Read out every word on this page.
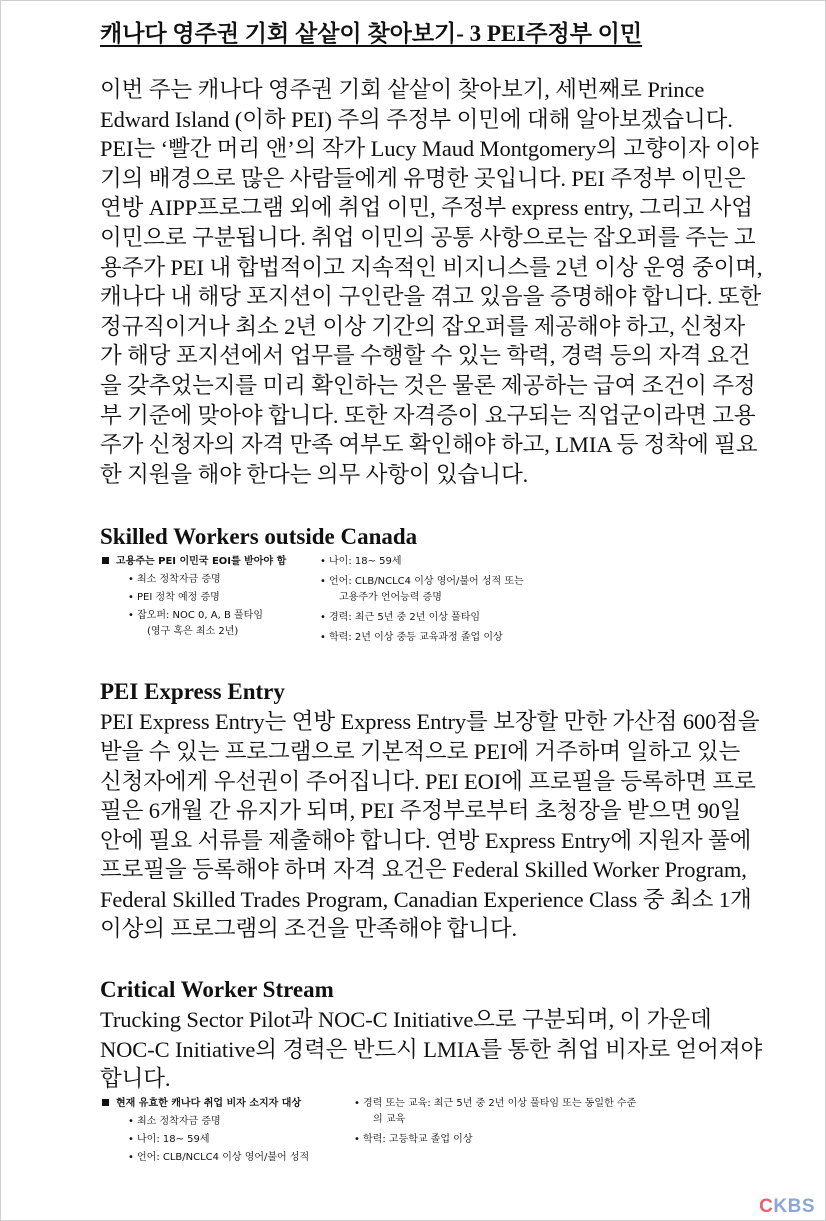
캐나다 영주권 기회 샅샅이 찾아보기- 3 PEI주정부 이민

이번 주는 캐나다 영주권 기회 샅샅이 찾아보기, 세번째로 Prince Edward Island (이하 PEI) 주의 주정부 이민에 대해 알아보겠습니다. PEI는 ‘빨간 머리 앤’의 작가 Lucy Maud Montgomery의 고향이자 이야기의 배경으로 많은 사람들에게 유명한 곳입니다. PEI 주정부 이민은 연방 AIPP프로그램 외에 취업 이민, 주정부 express entry, 그리고 사업 이민으로 구분됩니다. 취업 이민의 공통 사항으로는 잡오퍼를 주는 고용주가 PEI 내 합법적이고 지속적인 비지니스를 2년 이상 운영 중이며, 캐나다 내 해당 포지션이 구인란을 겪고 있음을 증명해야 합니다. 또한 정규직이거나 최소 2년 이상 기간의 잡오퍼를 제공해야 하고, 신청자가 해당 포지션에서 업무를 수행할 수 있는 학력, 경력 등의 자격 요건을 갖추었는지를 미리 확인하는 것은 물론 제공하는 급여 조건이 주정부 기준에 맞아야 합니다. 또한 자격증이 요구되는 직업군이라면 고용주가 신청자의 자격 만족 여부도 확인해야 하고, LMIA 등 정착에 필요한 지원을 해야 한다는 의무 사항이 있습니다.

Skilled Workers outside Canada
고용주는 PEI 이민국 EOI를 받아야 함
• 최소 정착자금 증명
• PEI 정착 예정 증명
• 잡오퍼: NOC 0, A, B 풀타임
(영구 혹은 최소 2년)
• 나이: 18~ 59세
• 언어: CLB/NCLC4 이상 영어/불어 성적 또는
고용주가 언어능력 증명
• 경력: 최근 5년 중 2년 이상 풀타임
• 학력: 2년 이상 중등 교육과정 졸업 이상
PEI Express Entry

PEI Express Entry는 연방 Express Entry를 보장할 만한 가산점 600점을 받을 수 있는 프로그램으로 기본적으로 PEI에 거주하며 일하고 있는 신청자에게 우선권이 주어집니다. PEI EOI에 프로필을 등록하면 프로필은 6개월 간 유지가 되며, PEI 주정부로부터 초청장을 받으면 90일 안에 필요 서류를 제출해야 합니다. 연방 Express Entry에 지원자 풀에 프로필을 등록해야 하며 자격 요건은 Federal Skilled Worker Program, Federal Skilled Trades Program, Canadian Experience Class 중 최소 1개 이상의 프로그램의 조건을 만족해야 합니다.

Critical Worker Stream

Trucking Sector Pilot과 NOC-C Initiative으로 구분되며, 이 가운데 NOC-C Initiative의 경력은 반드시 LMIA를 통한 취업 비자로 얻어져야 합니다.

현재 유효한 캐나다 취업 비자 소지자 대상
• 최소 정착자금 증명
• 나이: 18~ 59세
• 언어: CLB/NCLC4 이상 영어/불어 성적
• 경력 또는 교육: 최근 5년 중 2년 이상 풀타임 또는 동일한 수준
의 교육
• 학력: 고등학교 졸업 이상
CKBS
